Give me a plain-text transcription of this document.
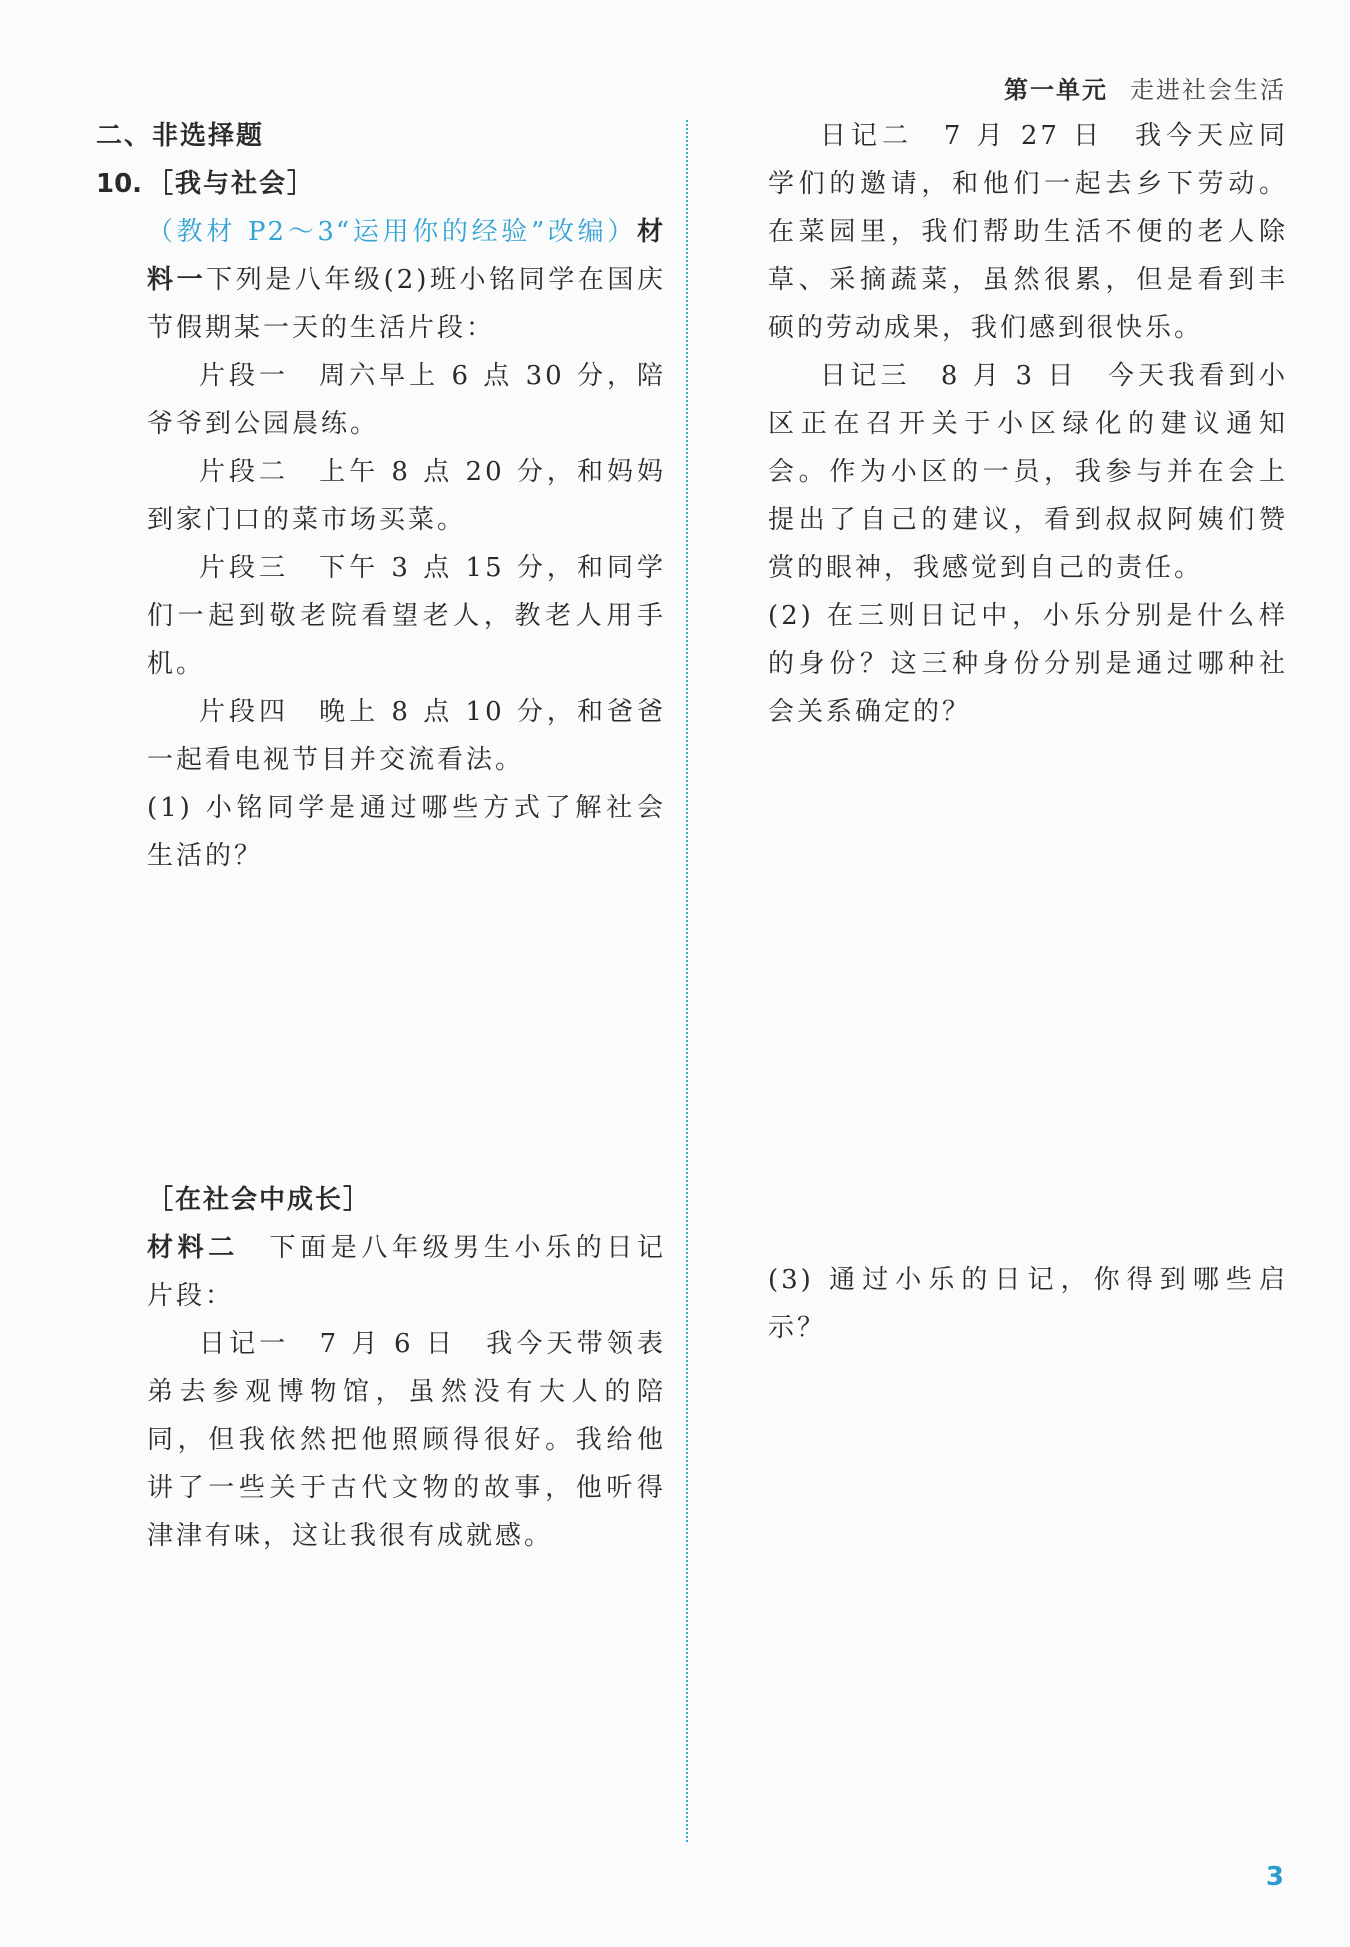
第一单元 走进社会生活

二、非选择题

10. ［我与社会］

（教材 P2～3“运用你的经验”改编）材料一下列是八年级(2)班小铭同学在国庆节假期某一天的生活片段：

片段一　周六早上 6 点 30 分，陪爷爷到公园晨练。

片段二　上午 8 点 20 分，和妈妈到家门口的菜市场买菜。

片段三　下午 3 点 15 分，和同学们一起到敬老院看望老人，教老人用手机。

片段四　晚上 8 点 10 分，和爸爸一起看电视节目并交流看法。

(1) 小铭同学是通过哪些方式了解社会生活的？

［在社会中成长］

材料二　 下面是八年级男生小乐的日记片段：

日记一　7 月 6 日　我今天带领表弟去参观博物馆，虽然没有大人的陪同，但我依然把他照顾得很好。我给他讲了一些关于古代文物的故事，他听得津津有味，这让我很有成就感。

日记二　7 月 27 日　我今天应同学们的邀请，和他们一起去乡下劳动。在菜园里，我们帮助生活不便的老人除草、采摘蔬菜，虽然很累，但是看到丰硕的劳动成果，我们感到很快乐。

日记三　8 月 3 日　今天我看到小区正在召开关于小区绿化的建议通知会。作为小区的一员，我参与并在会上提出了自己的建议，看到叔叔阿姨们赞赏的眼神，我感觉到自己的责任。

(2) 在三则日记中，小乐分别是什么样的身份？这三种身份分别是通过哪种社会关系确定的？

(3) 通过小乐的日记，你得到哪些启示？

3
